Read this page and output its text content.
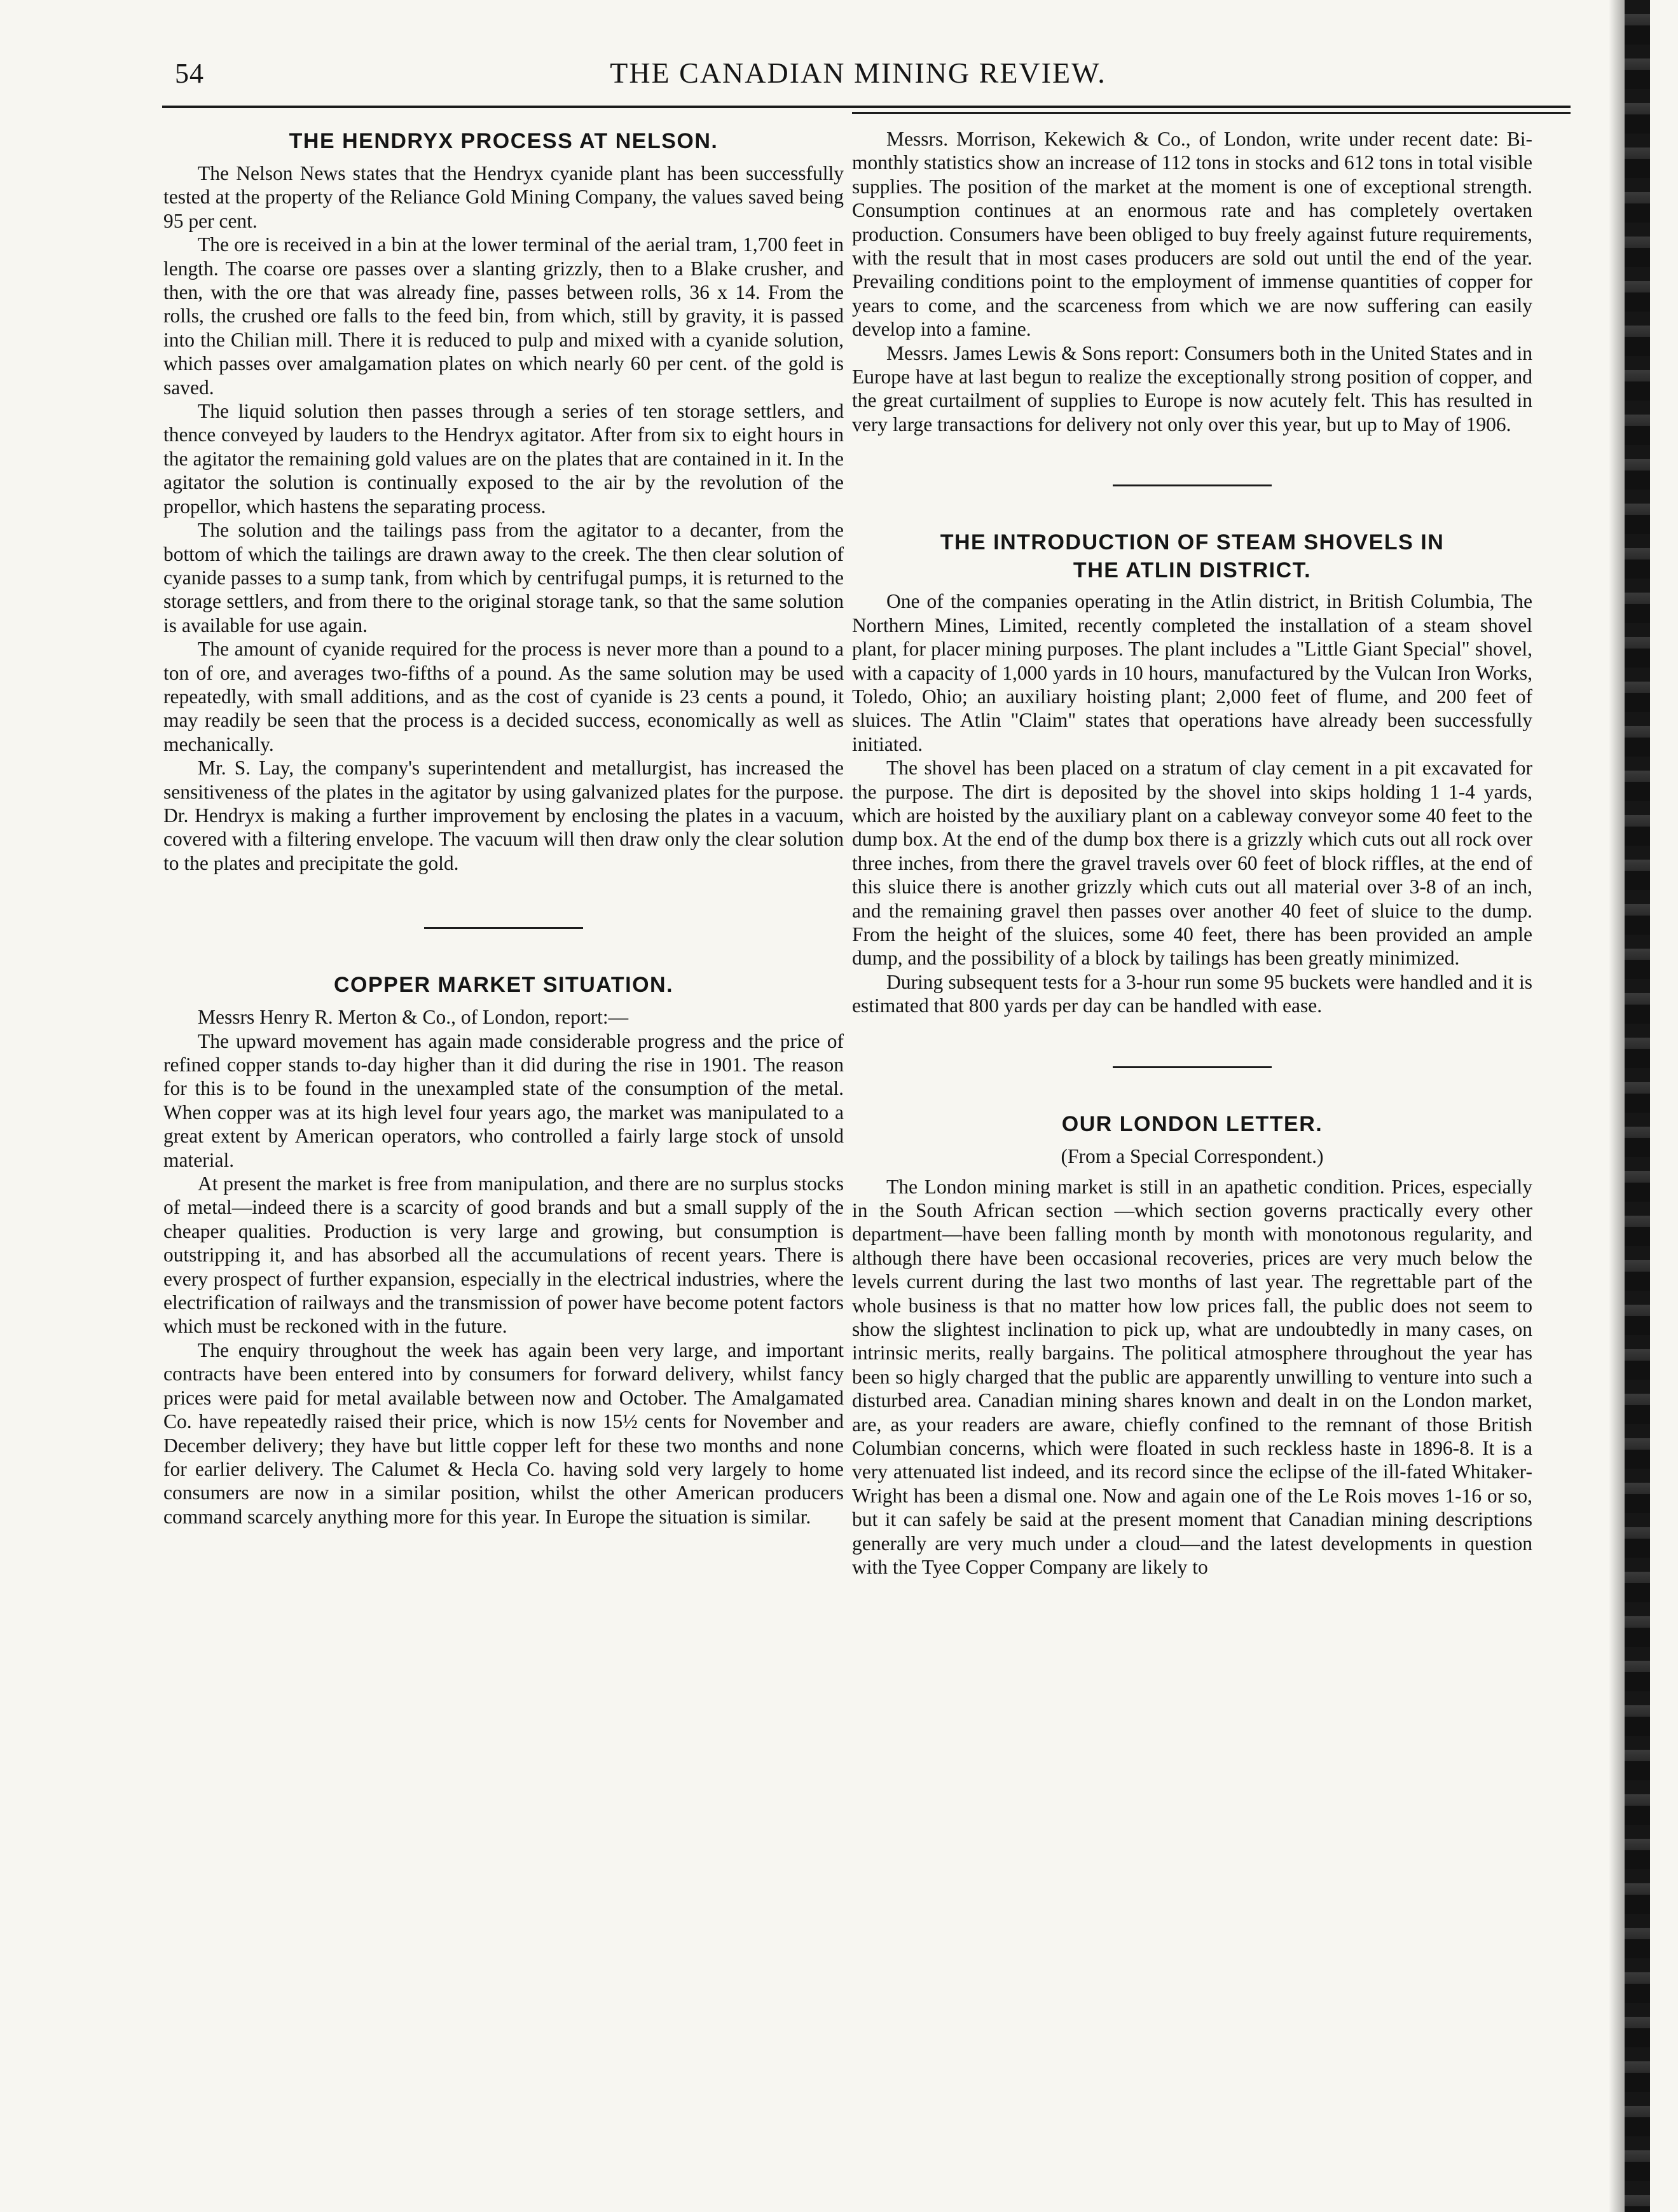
54	THE CANADIAN MINING REVIEW.
THE HENDRYX PROCESS AT NELSON.

The Nelson News states that the Hendryx cyanide plant has been successfully tested at the property of the Reliance Gold Mining Company, the values saved being 95 per cent.

The ore is received in a bin at the lower terminal of the aerial tram, 1,700 feet in length. The coarse ore passes over a slanting grizzly, then to a Blake crusher, and then, with the ore that was already fine, passes between rolls, 36 x 14. From the rolls, the crushed ore falls to the feed bin, from which, still by gravity, it is passed into the Chilian mill. There it is reduced to pulp and mixed with a cyanide solution, which passes over amalgamation plates on which nearly 60 per cent. of the gold is saved.

The liquid solution then passes through a series of ten storage settlers, and thence conveyed by lauders to the Hendryx agitator. After from six to eight hours in the agitator the remaining gold values are on the plates that are contained in it. In the agitator the solution is continually exposed to the air by the revolution of the propellor, which hastens the separating process.

The solution and the tailings pass from the agitator to a decanter, from the bottom of which the tailings are drawn away to the creek. The then clear solution of cyanide passes to a sump tank, from which by centrifugal pumps, it is returned to the storage settlers, and from there to the original storage tank, so that the same solution is available for use again.

The amount of cyanide required for the process is never more than a pound to a ton of ore, and averages two-fifths of a pound. As the same solution may be used repeatedly, with small additions, and as the cost of cyanide is 23 cents a pound, it may readily be seen that the process is a decided success, economically as well as mechanically.

Mr. S. Lay, the company's superintendent and metallurgist, has increased the sensitiveness of the plates in the agitator by using galvanized plates for the purpose. Dr. Hendryx is making a further improvement by enclosing the plates in a vacuum, covered with a filtering envelope. The vacuum will then draw only the clear solution to the plates and precipitate the gold.

COPPER MARKET SITUATION.

Messrs Henry R. Merton & Co., of London, report:—

The upward movement has again made considerable progress and the price of refined copper stands to-day higher than it did during the rise in 1901. The reason for this is to be found in the unexampled state of the consumption of the metal. When copper was at its high level four years ago, the market was manipulated to a great extent by American operators, who controlled a fairly large stock of unsold material.

At present the market is free from manipulation, and there are no surplus stocks of metal—indeed there is a scarcity of good brands and but a small supply of the cheaper qualities. Production is very large and growing, but consumption is outstripping it, and has absorbed all the accumulations of recent years. There is every prospect of further expansion, especially in the electrical industries, where the electrification of railways and the transmission of power have become potent factors which must be reckoned with in the future.

The enquiry throughout the week has again been very large, and important contracts have been entered into by consumers for forward delivery, whilst fancy prices were paid for metal available between now and October. The Amalgamated Co. have repeatedly raised their price, which is now 15½ cents for November and December delivery; they have but little copper left for these two months and none for earlier delivery. The Calumet & Hecla Co. having sold very largely to home consumers are now in a similar position, whilst the other American producers command scarcely anything more for this year. In Europe the situation is similar.

Messrs. Morrison, Kekewich & Co., of London, write under recent date: Bi-monthly statistics show an increase of 112 tons in stocks and 612 tons in total visible supplies. The position of the market at the moment is one of exceptional strength. Consumption continues at an enormous rate and has completely overtaken production. Consumers have been obliged to buy freely against future requirements, with the result that in most cases producers are sold out until the end of the year. Prevailing conditions point to the employment of immense quantities of copper for years to come, and the scarceness from which we are now suffering can easily develop into a famine.

Messrs. James Lewis & Sons report: Consumers both in the United States and in Europe have at last begun to realize the exceptionally strong position of copper, and the great curtailment of supplies to Europe is now acutely felt. This has resulted in very large transactions for delivery not only over this year, but up to May of 1906.

THE INTRODUCTION OF STEAM SHOVELS IN
THE ATLIN DISTRICT.

One of the companies operating in the Atlin district, in British Columbia, The Northern Mines, Limited, recently completed the installation of a steam shovel plant, for placer mining purposes. The plant includes a "Little Giant Special" shovel, with a capacity of 1,000 yards in 10 hours, manufactured by the Vulcan Iron Works, Toledo, Ohio; an auxiliary hoisting plant; 2,000 feet of flume, and 200 feet of sluices. The Atlin "Claim" states that operations have already been successfully initiated.

The shovel has been placed on a stratum of clay cement in a pit excavated for the purpose. The dirt is deposited by the shovel into skips holding 1 1-4 yards, which are hoisted by the auxiliary plant on a cableway conveyor some 40 feet to the dump box. At the end of the dump box there is a grizzly which cuts out all rock over three inches, from there the gravel travels over 60 feet of block riffles, at the end of this sluice there is another grizzly which cuts out all material over 3-8 of an inch, and the remaining gravel then passes over another 40 feet of sluice to the dump. From the height of the sluices, some 40 feet, there has been provided an ample dump, and the possibility of a block by tailings has been greatly minimized.

During subsequent tests for a 3-hour run some 95 buckets were handled and it is estimated that 800 yards per day can be handled with ease.

OUR LONDON LETTER.
(From a Special Correspondent.)

The London mining market is still in an apathetic condition. Prices, especially in the South African section —which section governs practically every other department—have been falling month by month with monotonous regularity, and although there have been occasional recoveries, prices are very much below the levels current during the last two months of last year. The regrettable part of the whole business is that no matter how low prices fall, the public does not seem to show the slightest inclination to pick up, what are undoubtedly in many cases, on intrinsic merits, really bargains. The political atmosphere throughout the year has been so higly charged that the public are apparently unwilling to venture into such a disturbed area. Canadian mining shares known and dealt in on the London market, are, as your readers are aware, chiefly confined to the remnant of those British Columbian concerns, which were floated in such reckless haste in 1896-8. It is a very attenuated list indeed, and its record since the eclipse of the ill-fated Whitaker-Wright has been a dismal one. Now and again one of the Le Rois moves 1-16 or so, but it can safely be said at the present moment that Canadian mining descriptions generally are very much under a cloud—and the latest developments in question with the Tyee Copper Company are likely to
